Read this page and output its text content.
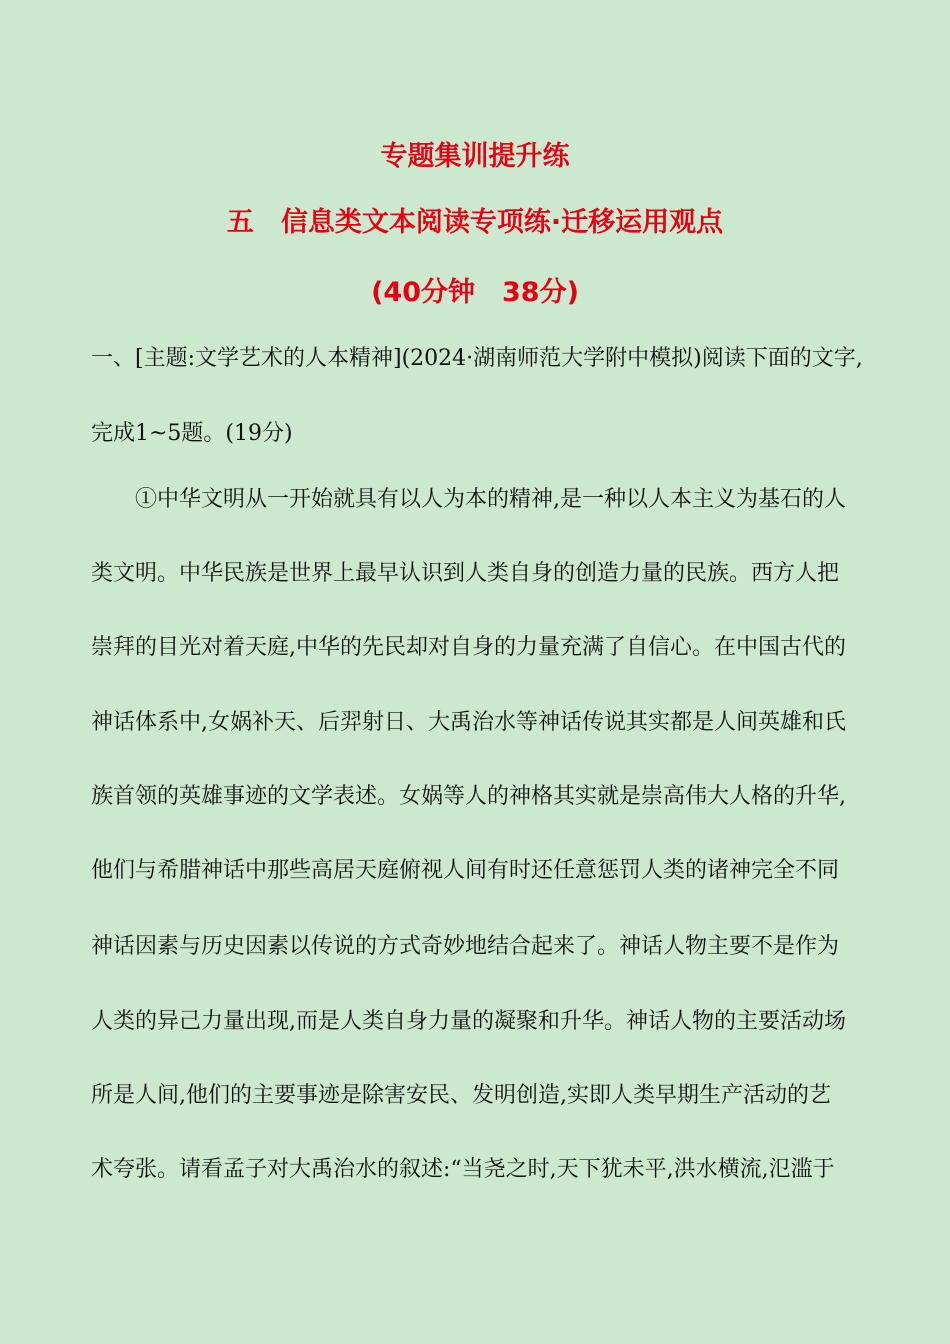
专题集训提升练
五　信息类文本阅读专项练·迁移运用观点
(40分钟　38分)
一、[主题:文学艺术的人本精神](2024·湖南师范大学附中模拟)阅读下面的文字,
完成1~5题。(19分)
　　①中华文明从一开始就具有以人为本的精神,是一种以人本主义为基石的人
类文明。中华民族是世界上最早认识到人类自身的创造力量的民族。西方人把
崇拜的目光对着天庭,中华的先民却对自身的力量充满了自信心。在中国古代的
神话体系中,女娲补天、后羿射日、大禹治水等神话传说其实都是人间英雄和氏
族首领的英雄事迹的文学表述。女娲等人的神格其实就是崇高伟大人格的升华,
他们与希腊神话中那些高居天庭俯视人间有时还任意惩罚人类的诸神完全不同
神话因素与历史因素以传说的方式奇妙地结合起来了。神话人物主要不是作为
人类的异己力量出现,而是人类自身力量的凝聚和升华。神话人物的主要活动场
所是人间,他们的主要事迹是除害安民、发明创造,实即人类早期生产活动的艺
术夸张。请看孟子对大禹治水的叙述:“当尧之时,天下犹未平,洪水横流,氾滥于
